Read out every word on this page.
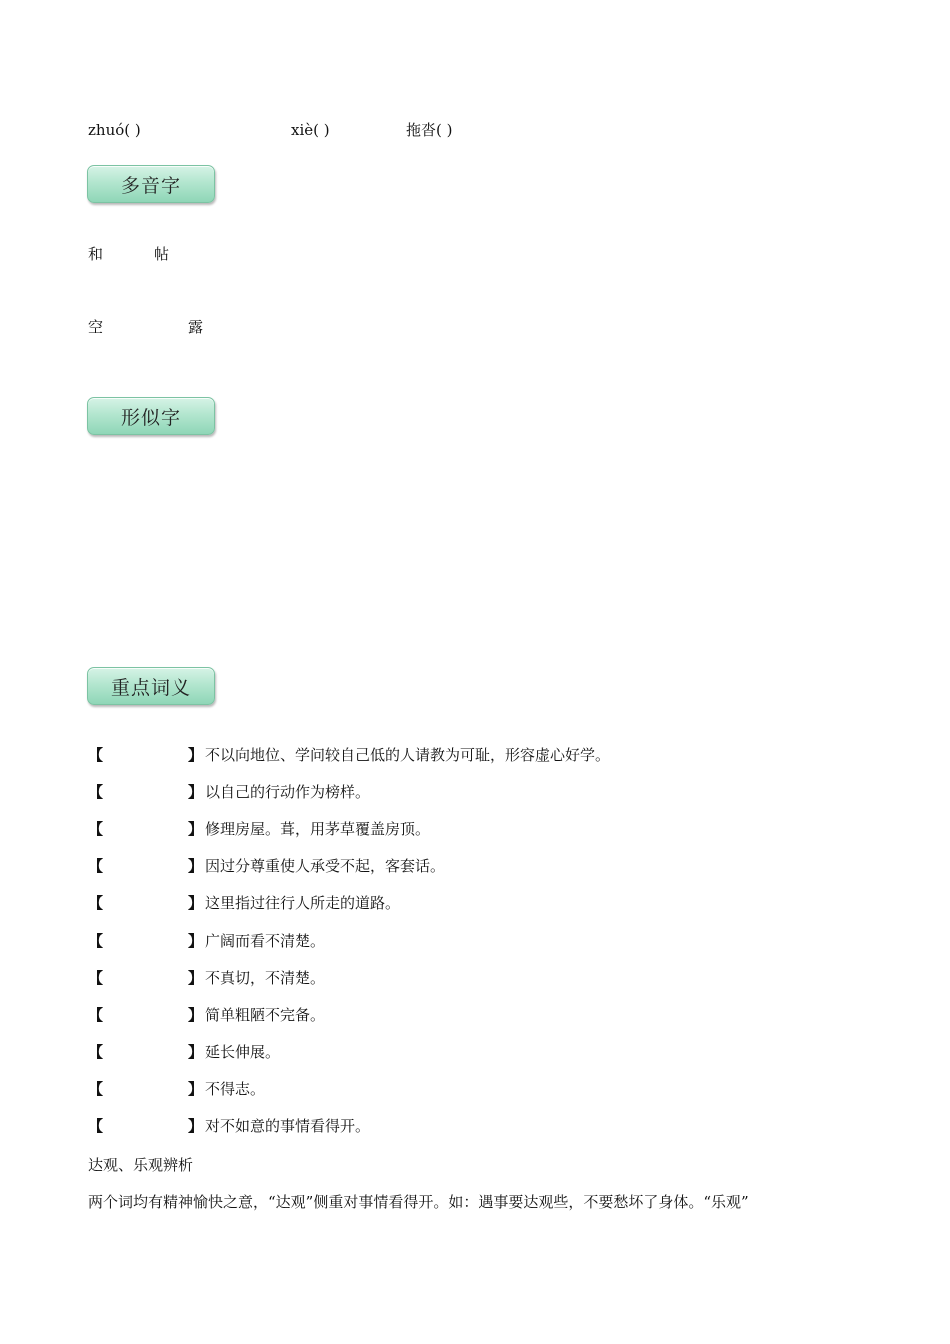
zhuó( )	xiè( )	拖沓( )
多音字
和	帖
空	露
形似字
重点词义
【	】 不以向地位、学问较自己低的人请教为可耻，形容虚心好学。
【	】 以自己的行动作为榜样。
【	】 修理房屋。葺，用茅草覆盖房顶。
【	】 因过分尊重使人承受不起，客套话。
【	】 这里指过往行人所走的道路。
【	】 广阔而看不清楚。
【	】 不真切，不清楚。
【	】 简单粗陋不完备。
【	】 延长伸展。
【	】 不得志。
【	】 对不如意的事情看得开。
达观、乐观辨析
两个词均有精神愉快之意，“达观”侧重对事情看得开。如：遇事要达观些，不要愁坏了身体。“乐观”
